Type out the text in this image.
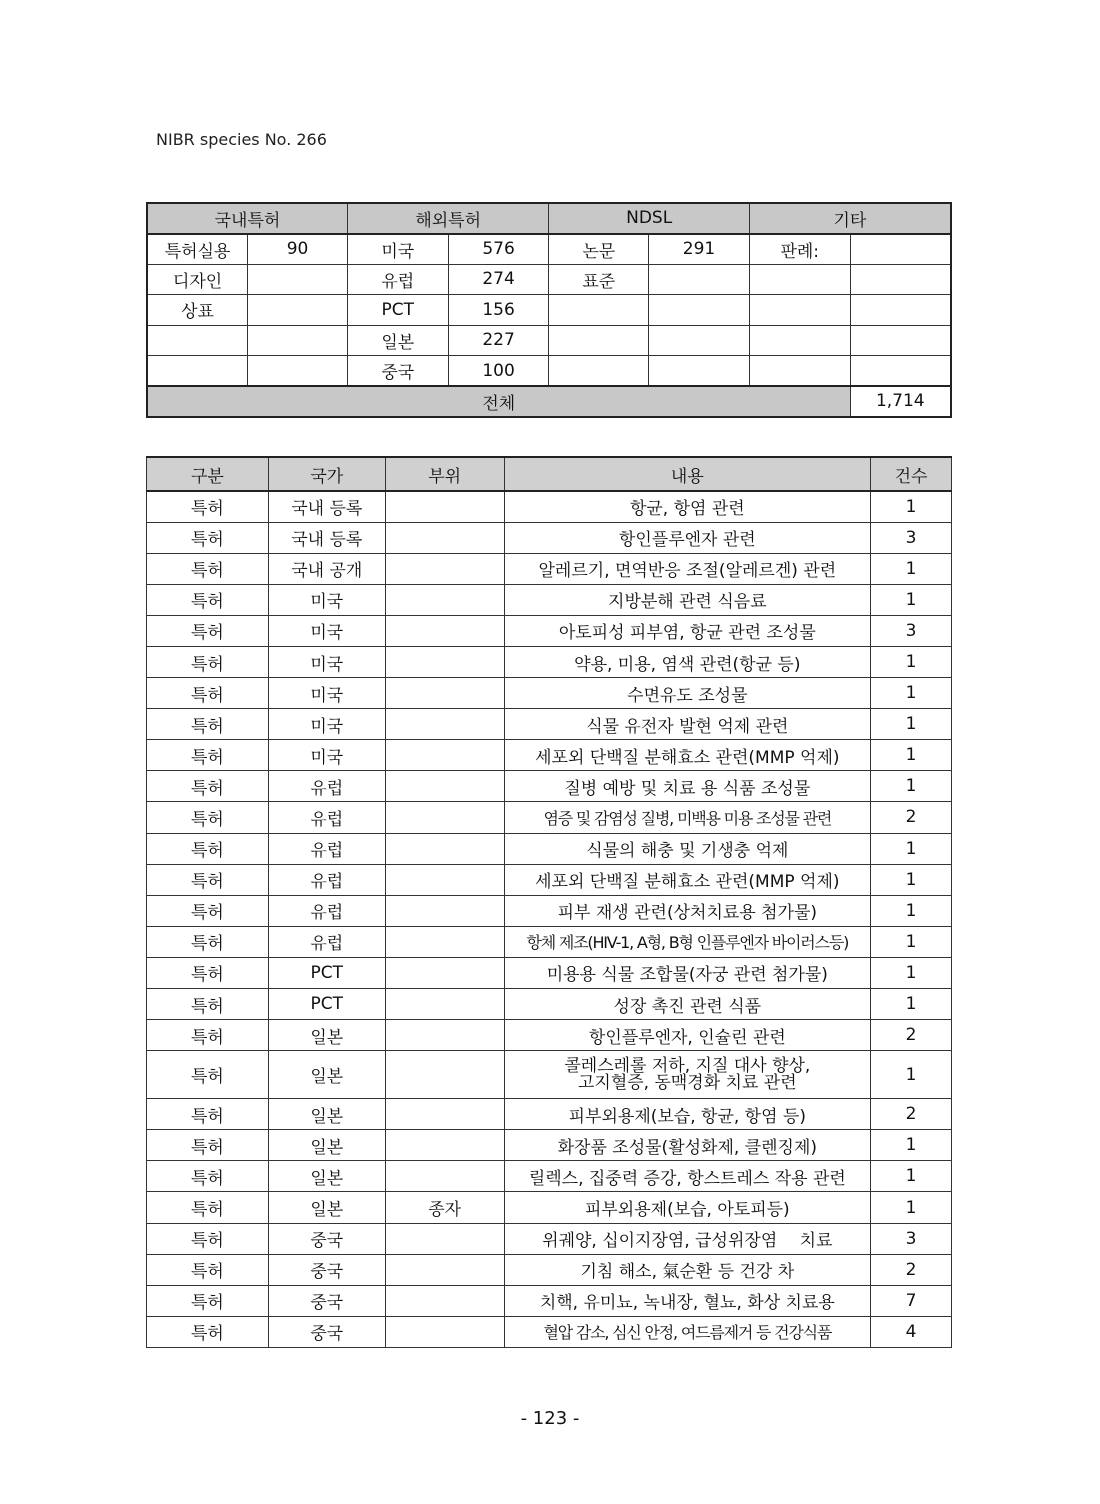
NIBR species No. 266
국내특허		해외특허		NDSL		기타	
특허실용	90	미국	576	논문	291	판례:	
디자인		유럽	274	표준			
상표		PCT	156				
		일본	227				
		중국	100				
전체							1,714
구분	국가	부위	내용	건수
특허	국내 등록		항균, 항염 관련	1
특허	국내 등록		항인플루엔자 관련	3
특허	국내 공개		알레르기, 면역반응 조절(알레르겐) 관련	1
특허	미국		지방분해 관련 식음료	1
특허	미국		아토피성 피부염, 항균 관련 조성물	3
특허	미국		약용, 미용, 염색 관련(항균 등)	1
특허	미국		수면유도 조성물	1
특허	미국		식물 유전자 발현 억제 관련	1
특허	미국		세포외 단백질 분해효소 관련(MMP 억제)	1
특허	유럽		질병 예방 및 치료 용 식품 조성물	1
특허	유럽		염증 및 감염성 질병, 미백용 미용 조성물 관련	2
특허	유럽		식물의 해충 및 기생충 억제	1
특허	유럽		세포외 단백질 분해효소 관련(MMP 억제)	1
특허	유럽		피부 재생 관련(상처치료용 첨가물)	1
특허	유럽		항체 제조(HIV-1, A형, B형 인플루엔자 바이러스등)	1
특허	PCT		미용용 식물 조합물(자궁 관련 첨가물)	1
특허	PCT		성장 촉진 관련 식품	1
특허	일본		항인플루엔자, 인슐린 관련	2
특허	일본		콜레스레롤 저하, 지질 대사 향상,
고지혈증, 동맥경화 치료 관련	1
특허	일본		피부외용제(보습, 항균, 항염 등)	2
특허	일본		화장품 조성물(활성화제, 클렌징제)	1
특허	일본		릴렉스, 집중력 증강, 항스트레스 작용 관련	1
특허	일본	종자	피부외용제(보습, 아토피등)	1
특허	중국		위궤양, 십이지장염, 급성위장염　 치료	3
특허	중국		기침 해소, 氣순환 등 건강 차	2
특허	중국		치핵, 유미뇨, 녹내장, 혈뇨, 화상 치료용	7
특허	중국		혈압 감소, 심신 안정, 여드름제거 등 건강식품	4
- 123 -
